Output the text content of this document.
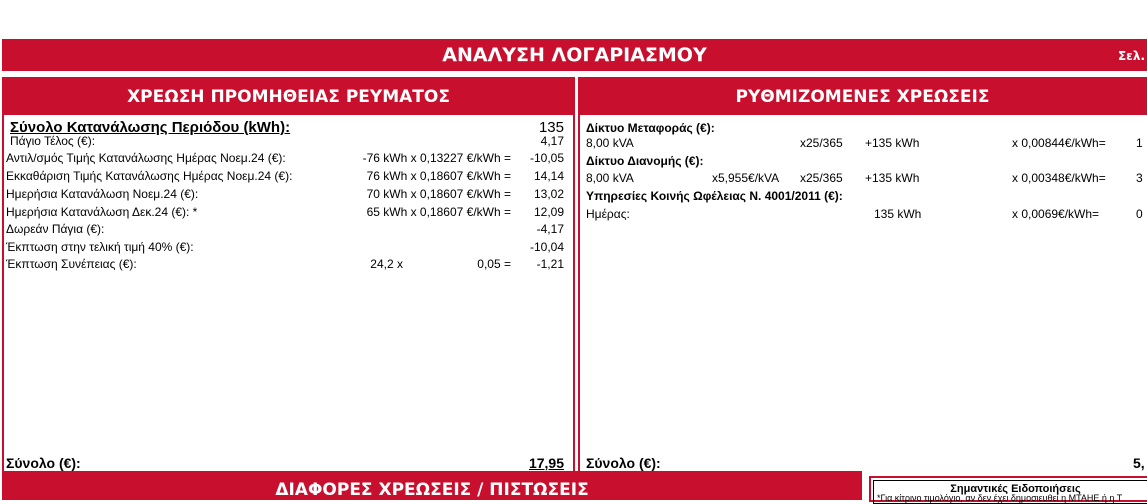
ΑΝΑΛΥΣΗ ΛΟΓΑΡΙΑΣΜΟΥ	Σελ.
ΧΡΕΩΣΗ ΠΡΟΜΗΘΕΙΑΣ ΡΕΥΜΑΤΟΣ	ΡΥΘΜΙΖΟΜΕΝΕΣ ΧΡΕΩΣΕΙΣ
Σύνολο Κατανάλωσης Περιόδου (kWh):	135
Πάγιο Τέλος (€):	4,17
Αντιλ/σμός Τιμής Κατανάλωσης Ημέρας Νοεμ.24 (€):	-76 kWh x 0,13227 €/kWh = -10,05
Εκκαθάριση Τιμής Κατανάλωσης Ημέρας Νοεμ.24 (€):	76 kWh x 0,18607 €/kWh = 14,14
Ημερήσια Κατανάλωση Νοεμ.24 (€):	70 kWh x 0,18607 €/kWh = 13,02
Ημερήσια Κατανάλωση Δεκ.24 (€): *	65 kWh x 0,18607 €/kWh = 12,09
Δωρεάν Πάγια (€):	-4,17
Έκπτωση στην τελική τιμή 40% (€):	-10,04
Έκπτωση Συνέπειας (€):	24,2 x	0,05 = -1,21
Σύνολο (€):	17,95
Δίκτυο Μεταφοράς (€):
8,00 kVA	x25/365 +135 kWh	x 0,00844€/kWh=	1
Δίκτυο Διανομής (€):
8,00 kVA	x5,955€/kVA x25/365 +135 kWh	x 0,00348€/kWh=	3
Υπηρεσίες Κοινής Ωφέλειας Ν. 4001/2011 (€):
Ημέρας:	135 kWh	x 0,0069€/kWh=	0
Σύνολο (€):	5,
ΔΙΑΦΟΡΕΣ ΧΡΕΩΣΕΙΣ / ΠΙΣΤΩΣΕΙΣ	Σημαντικές Ειδοποιήσεις
*Για κίτρινο τιμολόγιο, αν δεν έχει δημοσιευθεί η ΜΤΑΗΕ ή η Τ
